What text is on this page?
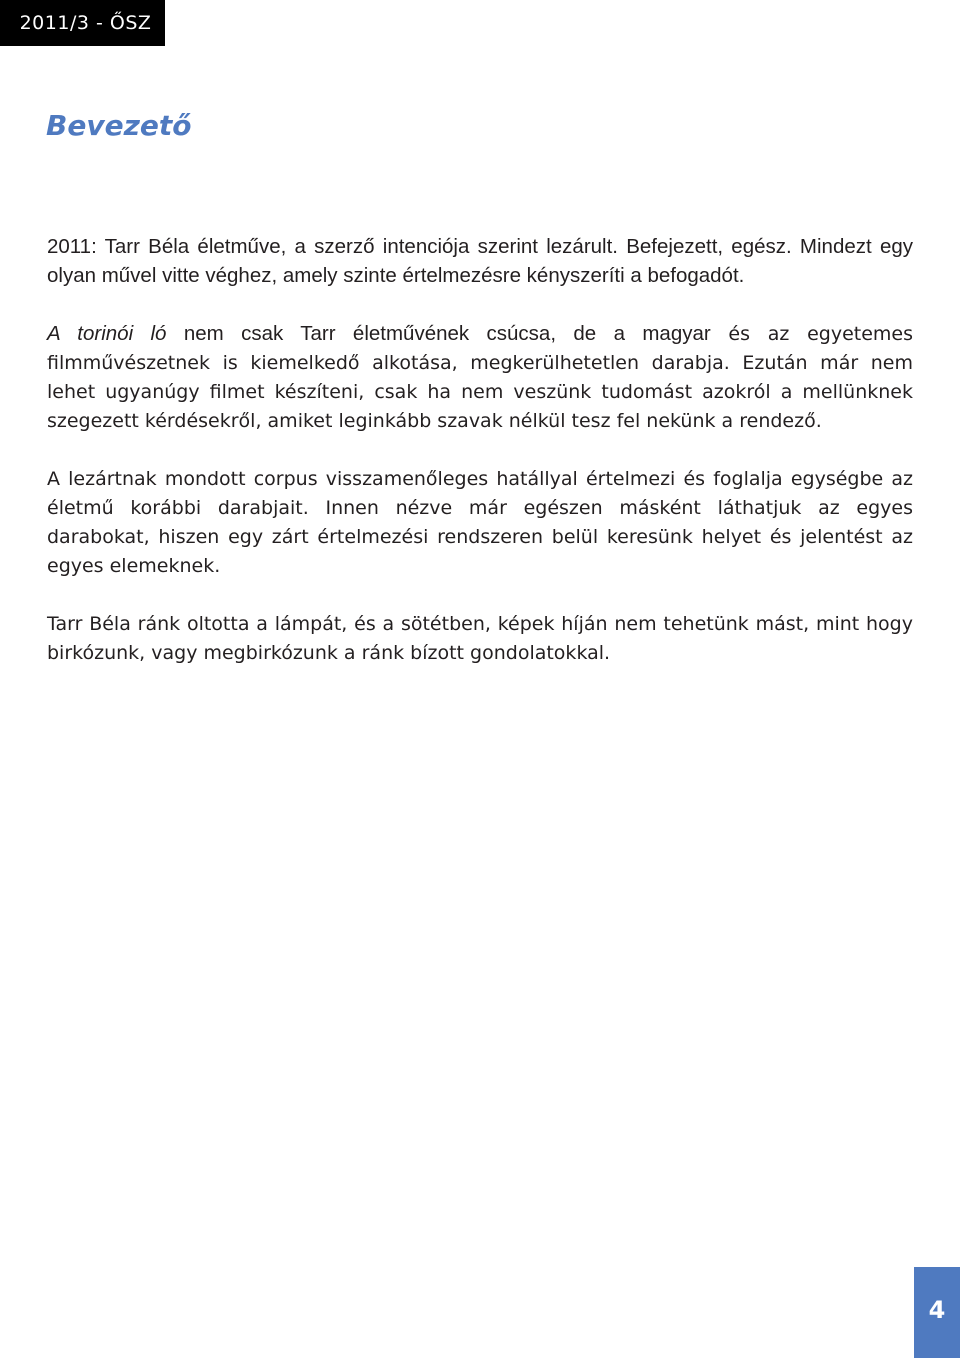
2011/3 - ŐSZ
Bevezető

2011: Tarr Béla életműve, a szerző intenciója szerint lezárult. Befejezett, egész. Mindezt egy olyan művel vitte véghez, amely szinte értelmezésre kényszeríti a befogadót.

A torinói ló nem csak Tarr életművének csúcsa, de a magyar és az egyetemes filmművészetnek is kiemelkedő alkotása, megkerülhetetlen darabja. Ezután már nem lehet ugyanúgy filmet készíteni, csak ha nem veszünk tudomást azokról a mellünknek szegezett kérdésekről, amiket leginkább szavak nélkül tesz fel nekünk a rendező.

A lezártnak mondott corpus visszamenőleges hatállyal értelmezi és foglalja egységbe az életmű korábbi darabjait. Innen nézve már egészen másként láthatjuk az egyes darabokat, hiszen egy zárt értelmezési rendszeren belül keresünk helyet és jelentést az egyes elemeknek.

Tarr Béla ránk oltotta a lámpát, és a sötétben, képek híján nem tehetünk mást, mint hogy birkózunk, vagy megbirkózunk a ránk bízott gondolatokkal.

4
